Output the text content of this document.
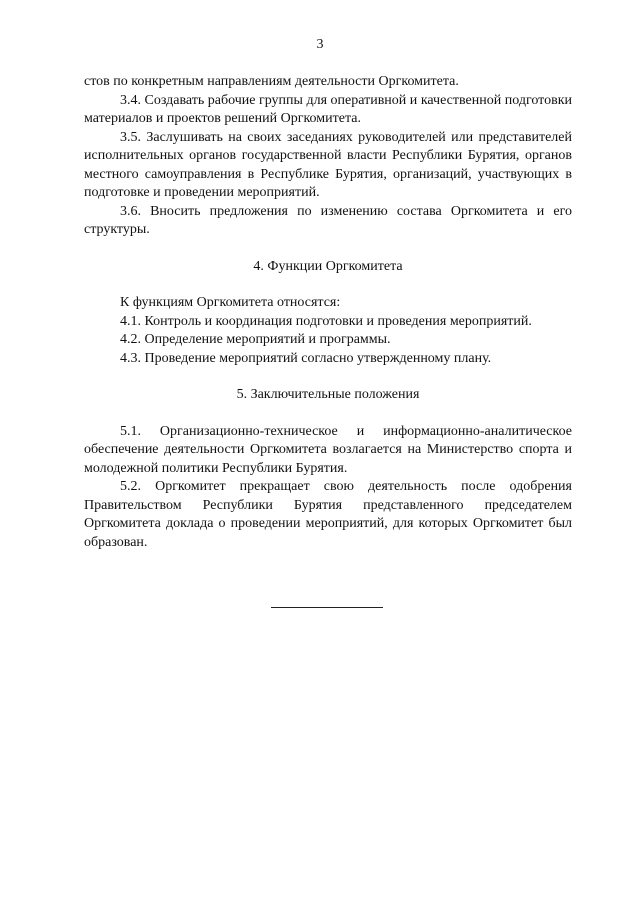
3

стов по конкретным направлениям деятельности Оргкомитета.

3.4. Создавать рабочие группы для оперативной и качественной подготовки материалов и проектов решений Оргкомитета.

3.5. Заслушивать на своих заседаниях руководителей или представителей исполнительных органов государственной власти Республики Бурятия, органов местного самоуправления в Республике Бурятия, организаций, участвующих в подготовке и проведении мероприятий.

3.6. Вносить предложения по изменению состава Оргкомитета и его структуры.

4. Функции Оргкомитета

К функциям Оргкомитета относятся:

4.1. Контроль и координация подготовки и проведения мероприятий.

4.2. Определение мероприятий и программы.

4.3. Проведение мероприятий согласно утвержденному плану.

5. Заключительные положения

5.1. Организационно-техническое и информационно-аналитическое обеспечение деятельности Оргкомитета возлагается на Министерство спорта и молодежной политики Республики Бурятия.

5.2. Оргкомитет прекращает свою деятельность после одобрения Правительством Республики Бурятия представленного председателем Оргкомитета доклада о проведении мероприятий, для которых Оргкомитет был образован.
